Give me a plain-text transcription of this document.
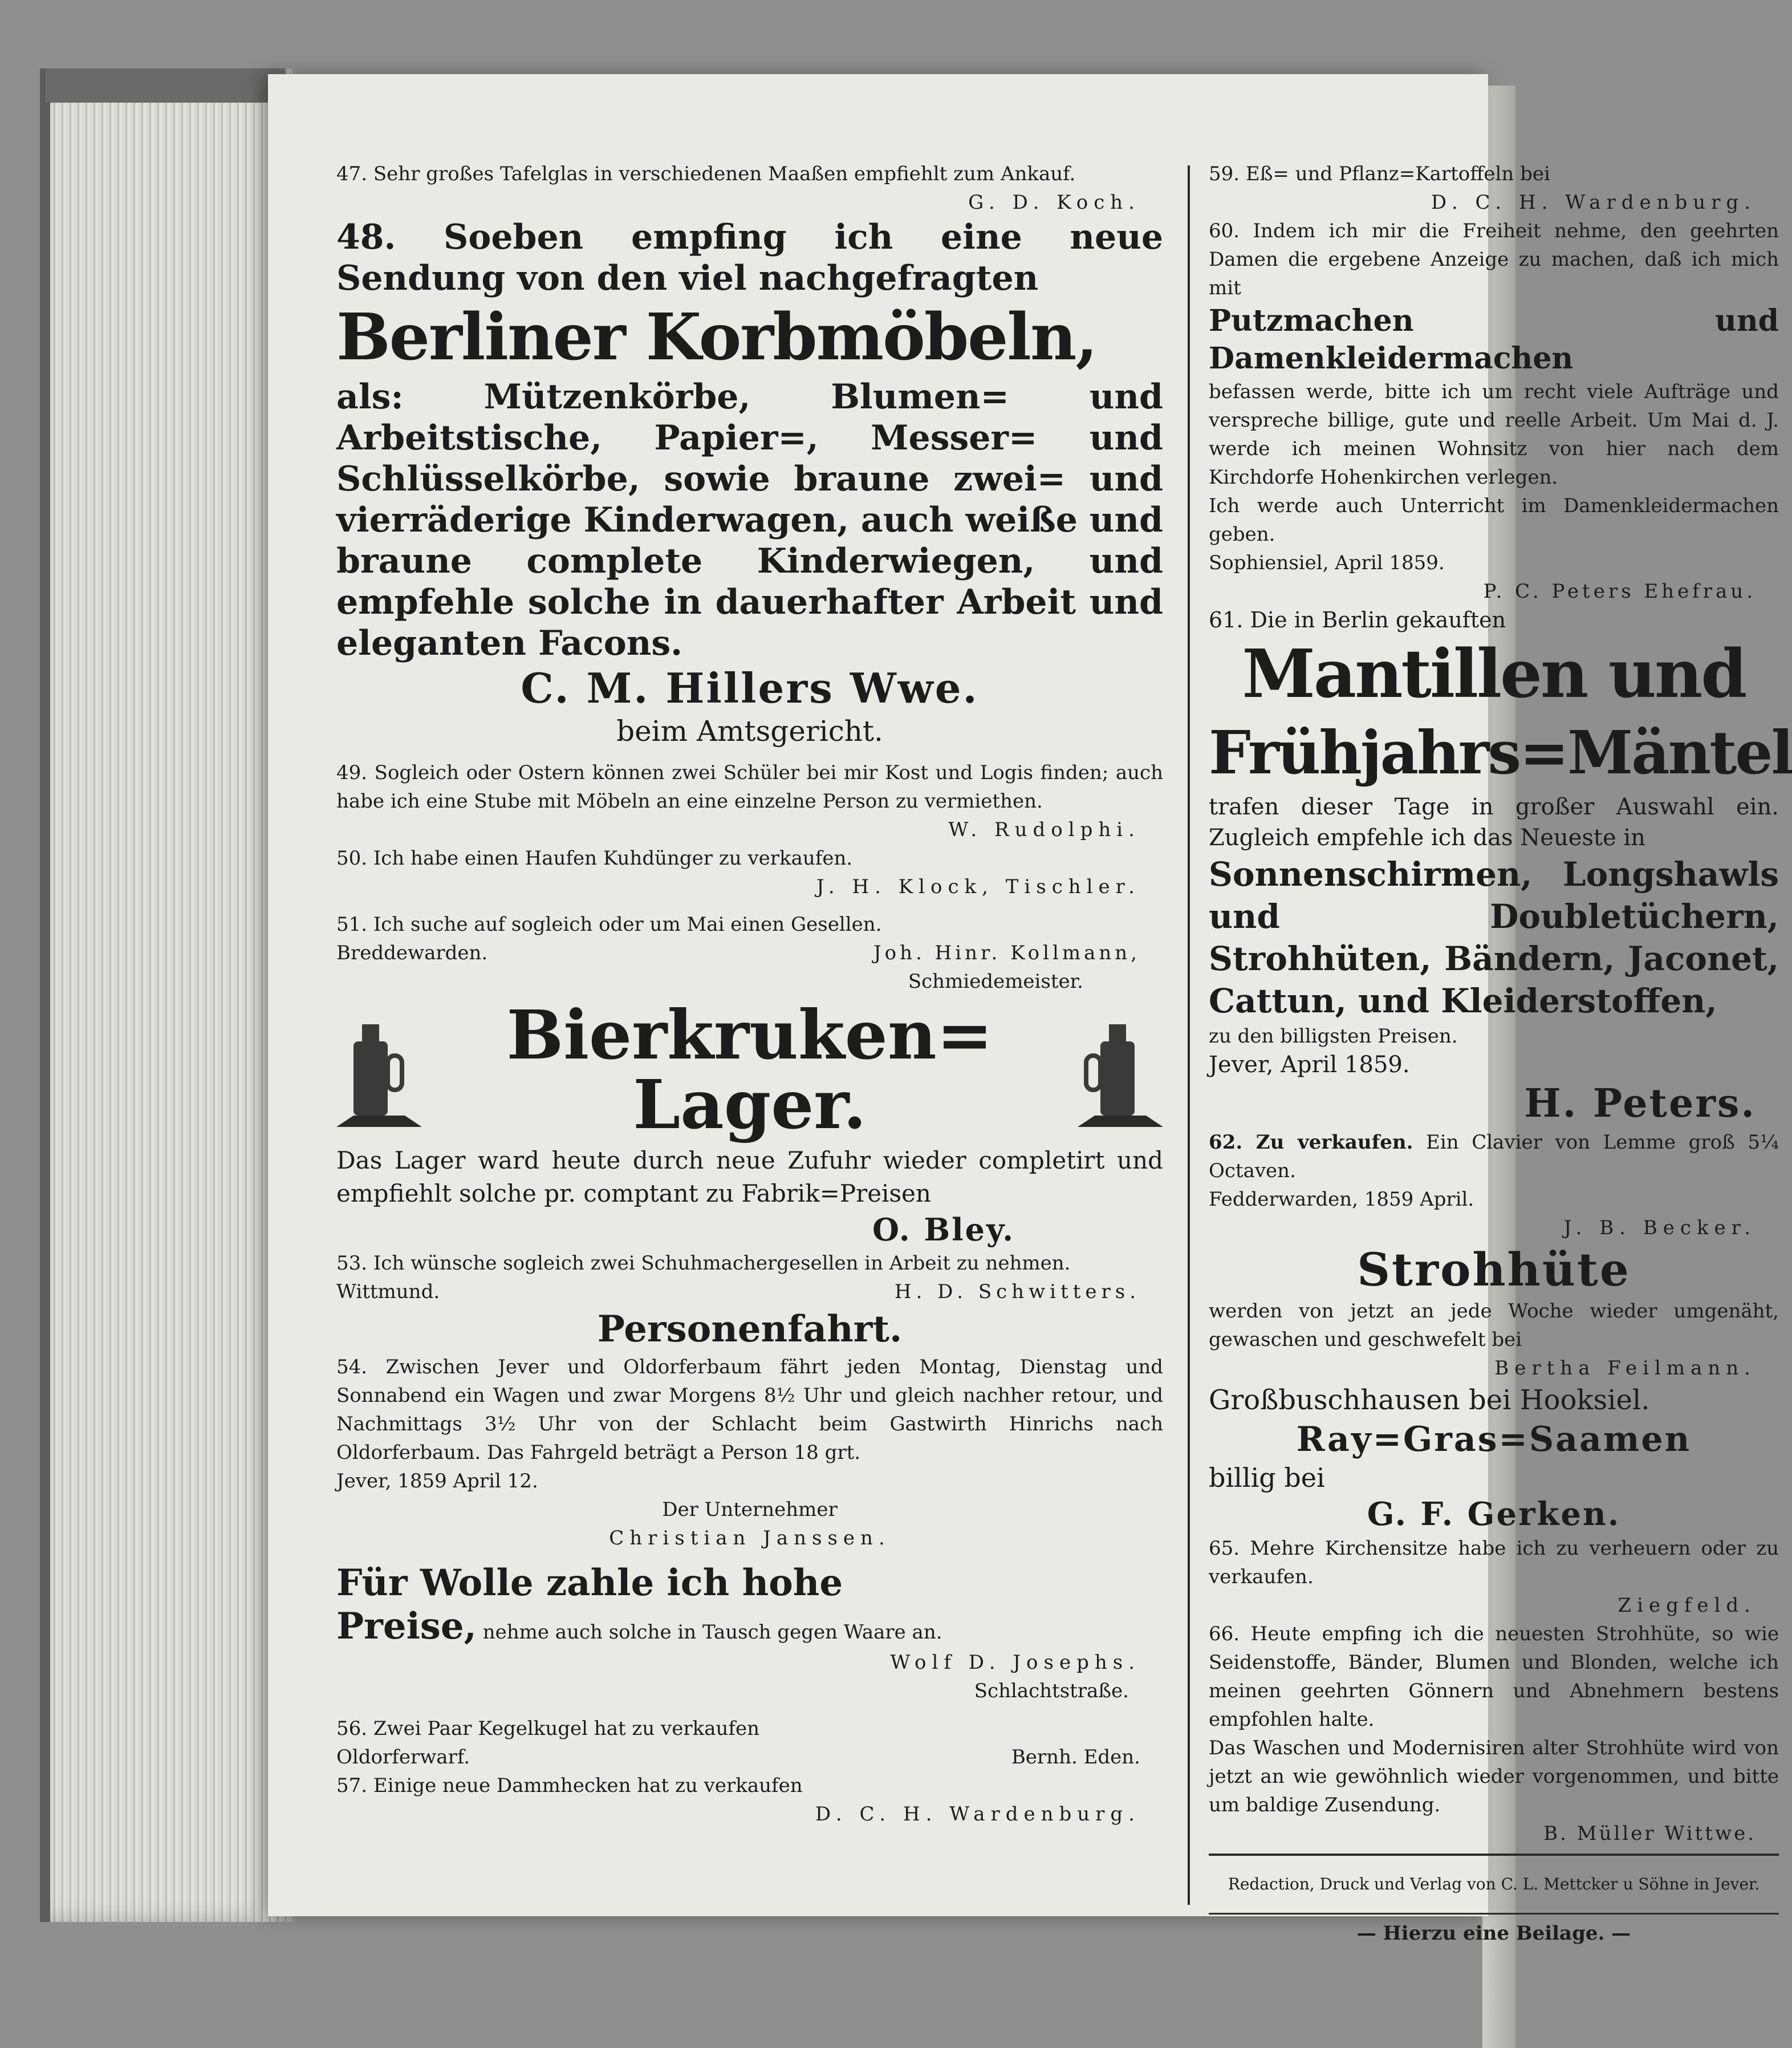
47. Sehr großes Tafelglas in verschiedenen Maaßen empfiehlt zum Ankauf.

G. D. Koch.

48. Soeben empfing ich eine neue Sendung von den viel nachgefragten

Berliner Korbmöbeln,

als: Mützenkörbe, Blumen= und Arbeitstische, Papier=, Messer= und Schlüsselkörbe, sowie braune zwei= und vierräderige Kinderwagen, auch weiße und braune complete Kinderwiegen, und empfehle solche in dauerhafter Arbeit und eleganten Facons.

C. M. Hillers Wwe.

beim Amtsgericht.

49. Sogleich oder Ostern können zwei Schüler bei mir Kost und Logis finden; auch habe ich eine Stube mit Möbeln an eine einzelne Person zu vermiethen.

W. Rudolphi.

50. Ich habe einen Haufen Kuhdünger zu verkaufen.

J. H. Klock, Tischler.

51. Ich suche auf sogleich oder um Mai einen Gesellen.

Breddewarden.	Joh. Hinr. Kollmann,

Schmiedemeister.

Bierkruken=
Lager.

Das Lager ward heute durch neue Zufuhr wieder completirt und empfiehlt solche pr. comptant zu Fabrik=Preisen

O. Bley.

53. Ich wünsche sogleich zwei Schuhmachergesellen in Arbeit zu nehmen.

Wittmund.	H. D. Schwitters.

Personenfahrt.

54. Zwischen Jever und Oldorferbaum fährt jeden Montag, Dienstag und Sonnabend ein Wagen und zwar Morgens 8½ Uhr und gleich nachher retour, und Nachmittags 3½ Uhr von der Schlacht beim Gastwirth Hinrichs nach Oldorferbaum. Das Fahrgeld beträgt a Person 18 grt.

Jever, 1859 April 12.

Der Unternehmer

Christian Janssen.

Für Wolle zahle ich hohe

Preise, nehme auch solche in Tausch gegen Waare an.

Wolf D. Josephs.

Schlachtstraße.

56. Zwei Paar Kegelkugel hat zu verkaufen

Oldorferwarf.	Bernh. Eden.

57. Einige neue Dammhecken hat zu verkaufen

D. C. H. Wardenburg.

59. Eß= und Pflanz=Kartoffeln bei

D. C. H. Wardenburg.

60. Indem ich mir die Freiheit nehme, den geehrten Damen die ergebene Anzeige zu machen, daß ich mich mit

Putzmachen und Damenkleidermachen

befassen werde, bitte ich um recht viele Aufträge und verspreche billige, gute und reelle Arbeit. Um Mai d. J. werde ich meinen Wohnsitz von hier nach dem Kirchdorfe Hohenkirchen verlegen.

Ich werde auch Unterricht im Damenkleidermachen geben.

Sophiensiel, April 1859.

P. C. Peters Ehefrau.

61. Die in Berlin gekauften

Mantillen und

Frühjahrs=Mäntel

trafen dieser Tage in großer Auswahl ein. Zugleich empfehle ich das Neueste in

Sonnenschirmen, Longshawls und Doubletüchern, Strohhüten, Bändern, Jaconet, Cattun, und Kleiderstoffen,

zu den billigsten Preisen.

Jever, April 1859.

H. Peters.

62. Zu verkaufen. Ein Clavier von Lemme groß 5¼ Octaven.

Fedderwarden, 1859 April.

J. B. Becker.

Strohhüte

werden von jetzt an jede Woche wieder umgenäht, gewaschen und geschwefelt bei

Bertha Feilmann.

Großbuschhausen bei Hooksiel.

Ray=Gras=Saamen

billig bei

G. F. Gerken.

65. Mehre Kirchensitze habe ich zu verheuern oder zu verkaufen.

Ziegfeld.

66. Heute empfing ich die neuesten Strohhüte, so wie Seidenstoffe, Bänder, Blumen und Blonden, welche ich meinen geehrten Gönnern und Abnehmern bestens empfohlen halte.

Das Waschen und Modernisiren alter Strohhüte wird von jetzt an wie gewöhnlich wieder vorgenommen, und bitte um baldige Zusendung.

B. Müller Wittwe.

Redaction, Druck und Verlag von C. L. Mettcker u Söhne in Jever.

— Hierzu eine Beilage. —
